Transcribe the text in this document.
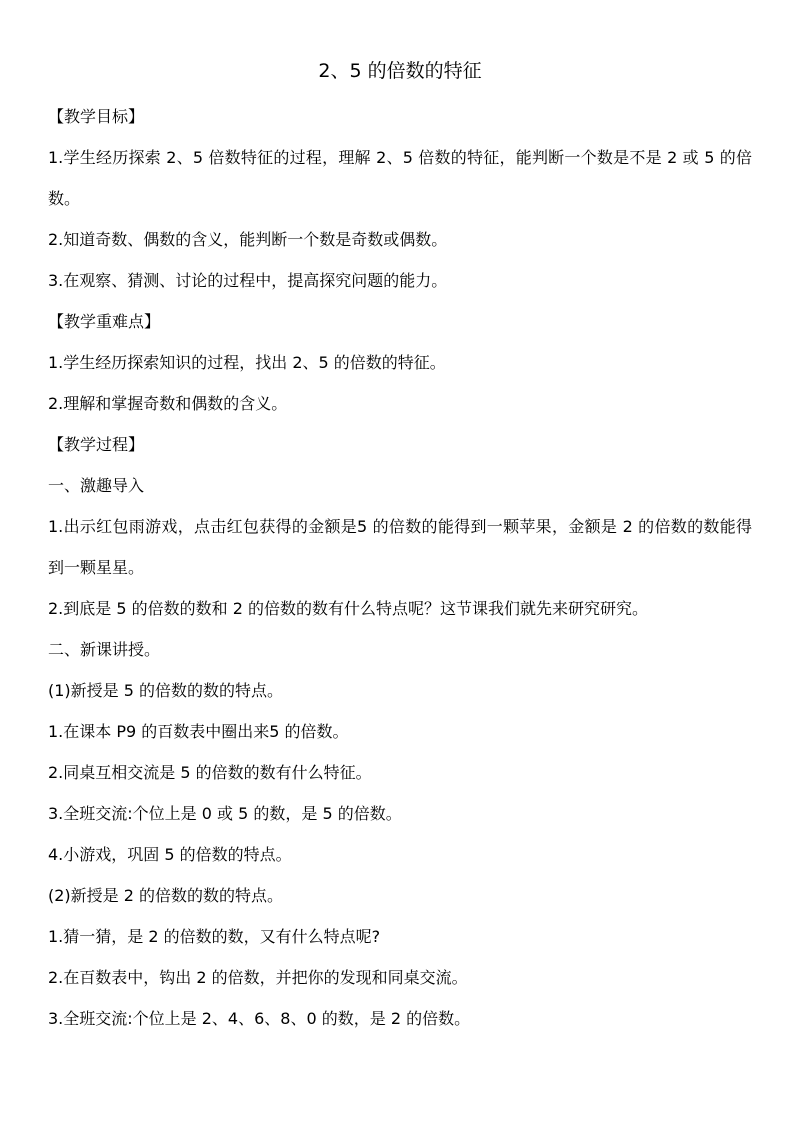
2、5 的倍数的特征

【教学目标】

1.学生经历探索 2、5 倍数特征的过程，理解 2、5 倍数的特征，能判断一个数是不是 2 或 5 的倍数。

2.知道奇数、偶数的含义，能判断一个数是奇数或偶数。

3.在观察、猜测、讨论的过程中，提高探究问题的能力。

【教学重难点】

1.学生经历探索知识的过程，找出 2、5 的倍数的特征。

2.理解和掌握奇数和偶数的含义。

【教学过程】

一、激趣导入

1.出示红包雨游戏，点击红包获得的金额是5 的倍数的能得到一颗苹果，金额是 2 的倍数的数能得到一颗星星。

2.到底是 5 的倍数的数和 2 的倍数的数有什么特点呢？这节课我们就先来研究研究。

二、新课讲授。

(1)新授是 5 的倍数的数的特点。

1.在课本 P9 的百数表中圈出来5 的倍数。

2.同桌互相交流是 5 的倍数的数有什么特征。

3.全班交流:个位上是 0 或 5 的数，是 5 的倍数。

4.小游戏，巩固 5 的倍数的特点。

(2)新授是 2 的倍数的数的特点。

1.猜一猜，是 2 的倍数的数，又有什么特点呢?

2.在百数表中，钩出 2 的倍数，并把你的发现和同桌交流。

3.全班交流:个位上是 2、4、6、8、0 的数，是 2 的倍数。
